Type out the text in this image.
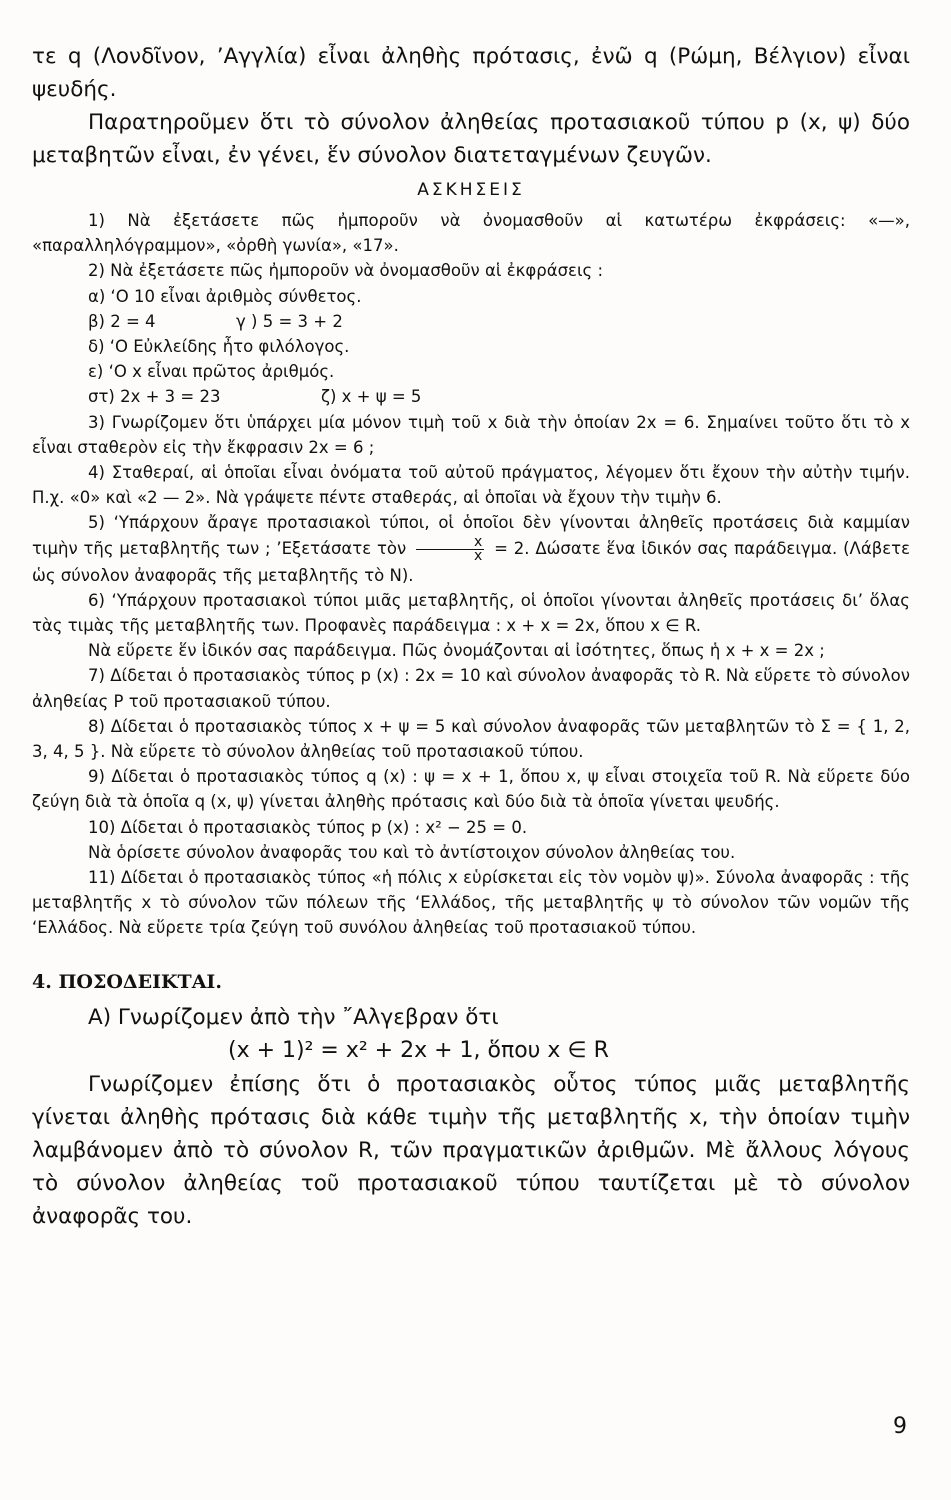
τε q (Λονδῖνον, ’Αγγλία) εἶναι ἀληθὴς πρότασις, ἐνῶ q (Ρώμη, Βέλγιον) εἶναι ψευδής.

Παρατηροῦμεν ὅτι τὸ σύνολον ἀληθείας προτασιακοῦ τύπου p (x, ψ) δύο μεταβητῶν εἶναι, ἐν γένει, ἕν σύνολον διατεταγμένων ζευγῶν.

ΑΣΚΗΣΕΙΣ

1) Νὰ ἐξετάσετε πῶς ἠμποροῦν νὰ ὀνομασθοῦν αἱ κατωτέρω ἐκφράσεις: «—», «παραλληλόγραμμον», «ὀρθὴ γωνία», «17».

2) Νὰ ἐξετάσετε πῶς ἠμποροῦν νὰ ὀνομασθοῦν αἱ ἐκφράσεις :

α) ‘Ο 10 εἶναι ἀριθμὸς σύνθετος.

β) 2 = 4	γ ) 5 = 3 + 2

δ) ‘Ο Εὐκλείδης ἦτο φιλόλογος.

ε) ‘Ο x εἶναι πρῶτος ἀριθμός.

στ) 2x + 3 = 23	ζ) x + ψ = 5

3) Γνωρίζομεν ὅτι ὑπάρχει μία μόνον τιμὴ τοῦ x διὰ τὴν ὁποίαν 2x = 6. Σημαίνει τοῦτο ὅτι τὸ x εἶναι σταθερὸν εἰς τὴν ἔκφρασιν 2x = 6 ;

4) Σταθεραί, αἱ ὁποῖαι εἶναι ὀνόματα τοῦ αὐτοῦ πράγματος, λέγομεν ὅτι ἔχουν τὴν αὐτὴν τιμήν. Π.χ. «0» καὶ «2 — 2». Νὰ γράψετε πέντε σταθεράς, αἱ ὁποῖαι νὰ ἔχουν τὴν τιμὴν 6.

5) ‘Υπάρχουν ἄραγε προτασιακοὶ τύποι, οἱ ὁποῖοι δὲν γίνονται ἀληθεῖς προτάσεις διὰ καμμίαν τιμὴν τῆς μεταβλητῆς των ; ’Εξετάσατε τὸν $\frac{x}{x} = 2$. Δώσατε ἕνα ἰδικόν σας παράδειγμα. (Λάβετε ὡς σύνολον ἀναφορᾶς τῆς μεταβλητῆς τὸ N).

6) ‘Υπάρχουν προτασιακοὶ τύποι μιᾶς μεταβλητῆς, οἱ ὁποῖοι γίνονται ἀληθεῖς προτάσεις δι’ ὅλας τὰς τιμὰς τῆς μεταβλητῆς των. Προφανὲς παράδειγμα : x + x = 2x, ὅπου x ∈ R.

Νὰ εὕρετε ἕν ἰδικόν σας παράδειγμα. Πῶς ὀνομάζονται αἱ ἰσότητες, ὅπως ἡ x + x = 2x ;

7) Δίδεται ὁ προτασιακὸς τύπος p (x) : 2x = 10 καὶ σύνολον ἀναφορᾶς τὸ R. Νὰ εὕρετε τὸ σύνολον ἀληθείας P τοῦ προτασιακοῦ τύπου.

8) Δίδεται ὁ προτασιακὸς τύπος x + ψ = 5 καὶ σύνολον ἀναφορᾶς τῶν μεταβλητῶν τὸ Σ = { 1, 2, 3, 4, 5 }. Νὰ εὕρετε τὸ σύνολον ἀληθείας τοῦ προτασιακοῦ τύπου.

9) Δίδεται ὁ προτασιακὸς τύπος q (x) : ψ = x + 1, ὅπου x, ψ εἶναι στοιχεῖα τοῦ R. Νὰ εὕρετε δύο ζεύγη διὰ τὰ ὁποῖα q (x, ψ) γίνεται ἀληθὴς πρότασις καὶ δύο διὰ τὰ ὁποῖα γίνεται ψευδής.

10) Δίδεται ὁ προτασιακὸς τύπος p (x) : x² − 25 = 0.

Νὰ ὁρίσετε σύνολον ἀναφορᾶς του καὶ τὸ ἀντίστοιχον σύνολον ἀληθείας του.

11) Δίδεται ὁ προτασιακὸς τύπος «ἡ πόλις x εὑρίσκεται εἰς τὸν νομὸν ψ)». Σύνολα ἀναφορᾶς : τῆς μεταβλητῆς x τὸ σύνολον τῶν πόλεων τῆς ‘Ελλάδος, τῆς μεταβλητῆς ψ τὸ σύνολον τῶν νομῶν τῆς ‘Ελλάδος. Νὰ εὕρετε τρία ζεύγη τοῦ συνόλου ἀληθείας τοῦ προτασιακοῦ τύπου.

4. ΠΟΣΟΔΕΙΚΤΑΙ.

Α) Γνωρίζομεν ἀπὸ τὴν ῎Αλγεβραν ὅτι

(x + 1)² = x² + 2x + 1, ὅπου x ∈ R

Γνωρίζομεν ἐπίσης ὅτι ὁ προτασιακὸς οὗτος τύπος μιᾶς μεταβλητῆς γίνεται ἀληθὴς πρότασις διὰ κάθε τιμὴν τῆς μεταβλητῆς x, τὴν ὁποίαν τιμὴν λαμβάνομεν ἀπὸ τὸ σύνολον R, τῶν πραγματικῶν ἀριθμῶν. Μὲ ἄλλους λόγους τὸ σύνολον ἀληθείας τοῦ προτασιακοῦ τύπου ταυτίζεται μὲ τὸ σύνολον ἀναφορᾶς του.

9
